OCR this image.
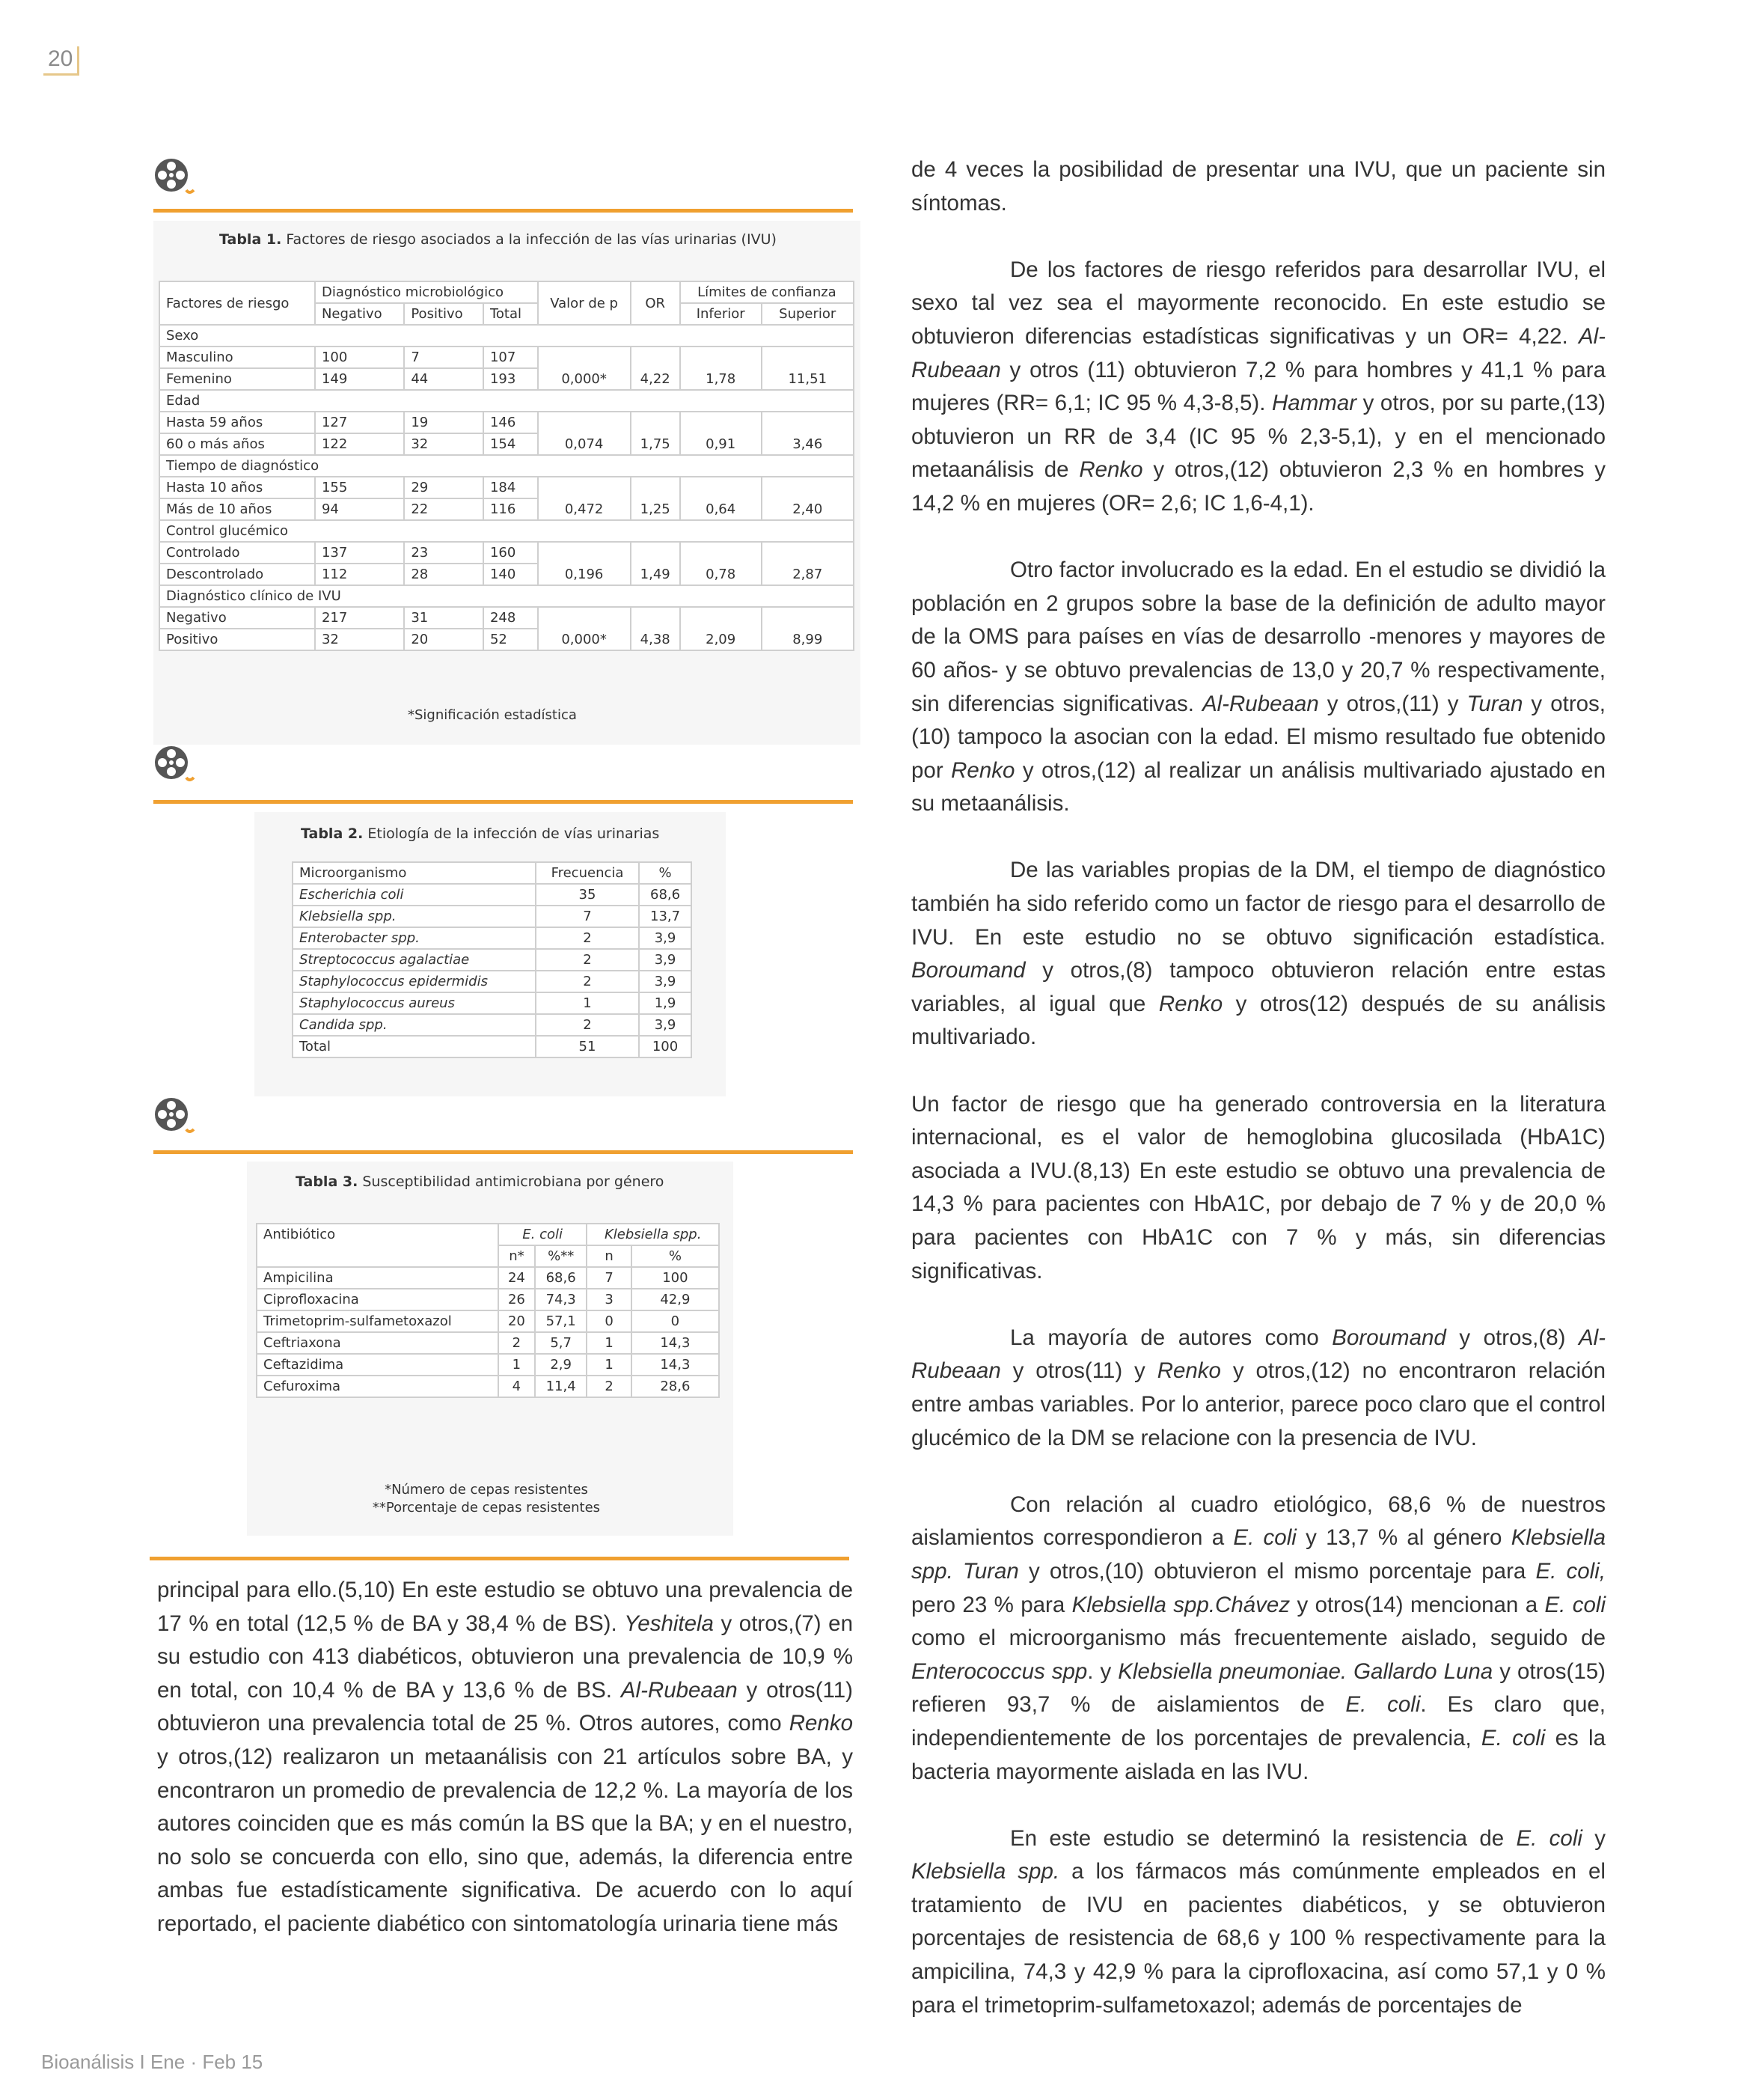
20
Bioanálisis I Ene · Feb 15
Tabla 1. Factores de riesgo asociados a la infección de las vías urinarias (IVU)
Factores de riesgo	Diagnóstico microbiológico			Valor de p	OR	Límites de confianza	
	Negativo	Positivo	Total			Inferior	Superior
Sexo							
Masculino	100	7	107	0,000*	4,22	1,78	11,51
Femenino	149	44	193				
Edad							
Hasta 59 años	127	19	146	0,074	1,75	0,91	3,46
60 o más años	122	32	154				
Tiempo de diagnóstico							
Hasta 10 años	155	29	184	0,472	1,25	0,64	2,40
Más de 10 años	94	22	116				
Control glucémico							
Controlado	137	23	160	0,196	1,49	0,78	2,87
Descontrolado	112	28	140				
Diagnóstico clínico de IVU							
Negativo	217	31	248	0,000*	4,38	2,09	8,99
Positivo	32	20	52				
*Significación estadística
Tabla 2. Etiología de la infección de vías urinarias
Microorganismo	Frecuencia	%
Escherichia coli	35	68,6
Klebsiella spp.	7	13,7
Enterobacter spp.	2	3,9
Streptococcus agalactiae	2	3,9
Staphylococcus epidermidis	2	3,9
Staphylococcus aureus	1	1,9
Candida spp.	2	3,9
Total	51	100
Tabla 3. Susceptibilidad antimicrobiana por género
Antibiótico	E. coli		Klebsiella spp.	
	n*	%**	n	%
Ampicilina	24	68,6	7	100
Ciprofloxacina	26	74,3	3	42,9
Trimetoprim-sulfametoxazol	20	57,1	0	0
Ceftriaxona	2	5,7	1	14,3
Ceftazidima	1	2,9	1	14,3
Cefuroxima	4	11,4	2	28,6
*Número de cepas resistentes
**Porcentaje de cepas resistentes

principal para ello.(5,10) En este estudio se obtuvo una prevalencia de 17 % en total (12,5 % de BA y 38,4 % de BS). Yeshitela y otros,(7) en su estudio con 413 diabéticos, obtuvieron una prevalencia de 10,9 % en total, con 10,4 % de BA y 13,6 % de BS. Al-Rubeaan y otros(11) obtuvieron una prevalencia total de 25 %. Otros autores, como Renko y otros,(12) realizaron un metaanálisis con 21 artículos sobre BA, y encontraron un promedio de prevalencia de 12,2 %. La mayoría de los autores coinciden que es más común la BS que la BA; y en el nuestro, no solo se concuerda con ello, sino que, además, la diferencia entre ambas fue estadísticamente significativa. De acuerdo con lo aquí reportado, el paciente diabético con sintomatología urinaria tiene más

de 4 veces la posibilidad de presentar una IVU, que un paciente sin síntomas.

De los factores de riesgo referidos para desarrollar IVU, el sexo tal vez sea el mayormente reconocido. En este estudio se obtuvieron diferencias estadísticas significativas y un OR= 4,22. Al-Rubeaan y otros (11) obtuvieron 7,2 % para hombres y 41,1 % para mujeres (RR= 6,1; IC 95 % 4,3-8,5). Hammar y otros, por su parte,(13) obtuvieron un RR de 3,4 (IC 95 % 2,3-5,1), y en el mencionado metaanálisis de Renko y otros,(12) obtuvieron 2,3 % en hombres y 14,2 % en mujeres (OR= 2,6; IC 1,6-4,1).

Otro factor involucrado es la edad. En el estudio se dividió la población en 2 grupos sobre la base de la definición de adulto mayor de la OMS para países en vías de desarrollo -menores y mayores de 60 años- y se obtuvo prevalencias de 13,0 y 20,7 % respectivamente, sin diferencias significativas. Al-Rubeaan y otros,(11) y Turan y otros, (10) tampoco la asocian con la edad. El mismo resultado fue obtenido por Renko y otros,(12) al realizar un análisis multivariado ajustado en su metaanálisis.

De las variables propias de la DM, el tiempo de diagnóstico también ha sido referido como un factor de riesgo para el desarrollo de IVU. En este estudio no se obtuvo significación estadística. Boroumand y otros,(8) tampoco obtuvieron relación entre estas variables, al igual que Renko y otros(12) después de su análisis multivariado.

Un factor de riesgo que ha generado controversia en la literatura internacional, es el valor de hemoglobina glucosilada (HbA1C) asociada a IVU.(8,13) En este estudio se obtuvo una prevalencia de 14,3 % para pacientes con HbA1C, por debajo de 7 % y de 20,0 % para pacientes con HbA1C con 7 % y más, sin diferencias significativas.

La mayoría de autores como Boroumand y otros,(8) Al-Rubeaan y otros(11) y Renko y otros,(12) no encontraron relación entre ambas variables. Por lo anterior, parece poco claro que el control glucémico de la DM se relacione con la presencia de IVU.

Con relación al cuadro etiológico, 68,6 % de nuestros aislamientos correspondieron a E. coli y 13,7 % al género Klebsiella spp. Turan y otros,(10) obtuvieron el mismo porcentaje para E. coli, pero 23 % para Klebsiella spp.Chávez y otros(14) mencionan a E. coli como el microorganismo más frecuentemente aislado, seguido de Enterococcus spp. y Klebsiella pneumoniae. Gallardo Luna y otros(15) refieren 93,7 % de aislamientos de E. coli. Es claro que, independientemente de los porcentajes de prevalencia, E. coli es la bacteria mayormente aislada en las IVU.

En este estudio se determinó la resistencia de E. coli y Klebsiella spp. a los fármacos más comúnmente empleados en el tratamiento de IVU en pacientes diabéticos, y se obtuvieron porcentajes de resistencia de 68,6 y 100 % respectivamente para la ampicilina, 74,3 y 42,9 % para la ciprofloxacina, así como 57,1 y 0 % para el trimetoprim-sulfametoxazol; además de porcentajes de
